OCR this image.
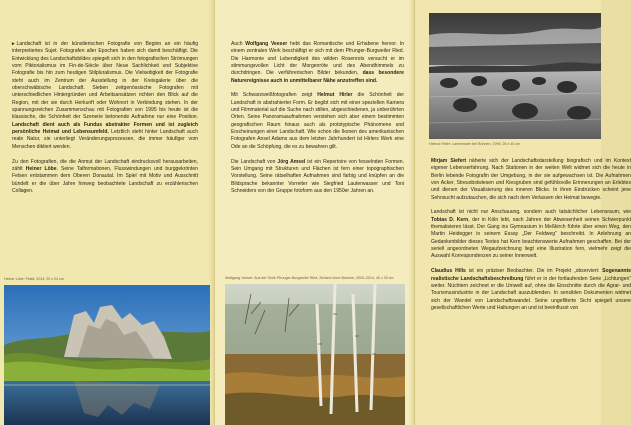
▸ Landschaft ist in der künstlerischen Fotografie von Beginn an ein häufig interpretiertes Sujet. Fotografen aller Epochen haben sich damit beschäftigt. Die Entwicklung des Landschaftsbildes spiegelt sich in den fotografischen Strömungen vom Piktorialismus im Fin-de-Siècle über Neue Sachlichkeit und Subjektive Fotografie bis hin zum heutigen Stilpluralismus. Die Vielseitigkeit der Fotografie steht auch im Zentrum der Ausstellung in der Kreisgalerie über die oberschwäbische Landschaft. Sieben zeitgenössische Fotografen mit unterschiedlichen Hintergründen und Arbeitsansätzen richten den Blick auf die Region, mit der sie durch Herkunft oder Wohnort in Verbindung stehen. In der spannungsreichen Zusammenschau mit Fotografien von 1995 bis heute ist die klassische, die Schönheit der Szenerie betonende Aufnahme nur eine Position. Landschaft dient auch als Fundus abstrakter Formen und ist zugleich persönliche Heimat und Lebensumfeld. Letztlich steht hinter Landschaft auch reale Natur, sie unterliegt Veränderungsprozessen, die immer häufiger vom Menschen diktiert werden.

Zu den Fotografien, die die Anmut der Landschaft eindrucksvoll herausarbeiten, zählt Heiner Löbe. Seine Talformationen, Flusswindungen und burggekrönten Felsen entstammen dem Oberen Donautal. Im Spiel mit Motiv und Ausschnitt bündelt er die über Jahre hinweg beobachtete Landschaft zu erzählerischen Collagen.

Heiner Löbe: Fidelt, 2014, 30 x 24 cm

Auch Wolfgang Veeser hebt das Romantische und Erhabene hervor. In einem zentralen Werk beschäftigt er sich mit dem Pfrunger-Burgweiler Ried. Die Harmonie und Lebendigkeit des wilden Rosenrots versucht er im stimmungsvollen Licht der Morgenröte und des Abendhimmels zu durchdringen. Die verführerischen Bilder bekunden, dass besondere Naturereignisse auch in unmittelbarer Nähe anzutreffen sind.

Mit Schwarzweißfotografien zeigt Helmut Hirler die Schönheit der Landschaft in abstrahierter Form. Er begibt sich mit einer speziellen Kamera und Filmmaterial auf die Suche nach stillen, abgeschiedenen, ja unberührten Orten. Seine Panoramaaufnahmen verstehen sich aber einem bestimmten geografischen Raum hinaus auch als prototypische Phänomene und Erscheinungen einer Landschaft. Wie schon die Ikonen des amerikanischen Fotografen Ansel Adams aus dem letzten Jahrhundert ist Hirlers Werk eine Ode an die Schöpfung, die es zu bewahren gilt.

Die Landschaft von Jörg Amsel ist ein Repertoire von fesselnden Formen. Sein Umgang mit Strukturen und Flächen ist fern einer topographischen Vorstellung. Seine rätselhaften Aufnahmen sind farbig und knüpfen an die Bildsprache bekannter Vorreiter wie Siegfried Lauterwasser und Toni Schneiders von der Gruppe fotoform aus den 1950er Jahren an.

Wolfgang Veeser: Aus der Serie Pfrunger-Burgweiler Ried, Zerland ohne Maxime, 2004–2014, 40 x 30 cm
Helmut Hirler: Lavenmarer bei Ruhnen, 1999, 26 x 40 cm

Mirjam Siefert näherte sich der Landschaftsdarstellung biografisch und im Kontext eigener Lebenserfahrung. Nach Stationen in der weiten Welt widmet sich die heute in Berlin lebende Fotografin der Umgebung, in der sie aufgewachsen ist. Die Aufnahmen von Acker, Streuobstwiesen und Kiesgruben sind gefühlsvolle Erinnerungen an Erlebtes und dienen der Visualisierung des inneren Blicks. In ihren Eindrücken scheint jene Sehnsucht aufzutauchen, die sich nach dem Verlassen der Heimat bewegte.

Landschaft ist nicht nur Anschauung, sondern auch tatsächlicher Lebensraum, wie Tobias D. Kern, der in Köln lebt, nach Jahren der Abwesenheit seinen Schwerpunkt thematisieren lässt. Der Gang ins Gymnasium in Meßkirch führte über einen Weg, den Martin Heidegger in seinem Essay „Der Feldweg“ beschreibt. In Anlehnung an Gedankenbilder dieses Textes hat Kern beachtenswerte Aufnahmen geschaffen. Bei der seriell angeordneten Wegaufzeichnung liegt eine Illustration fern, vielmehr zeigt die Auswahl Korrespondenzen zu seiner Innenwelt.

Claudius Hills ist ein präziser Beobachter. Die im Projekt „observiert: Sogenannte realistische Landschaftsbeschreibung führt er in der fortlaufenden Serie „Lichtungen“ weiter. Nüchtern zeichnet er die Umwelt auf, ohne die Einschnitte durch die Agrar- und Tourismusindustrie in der Landschaft auszublenden. In sensiblen Dokumenten widmet sich der Wandel von Landschaftswandel. Seine ungefilterte Sicht spiegelt unsere gesellschaftlichen Werte und Haltungen an und ist beeinflusst von
